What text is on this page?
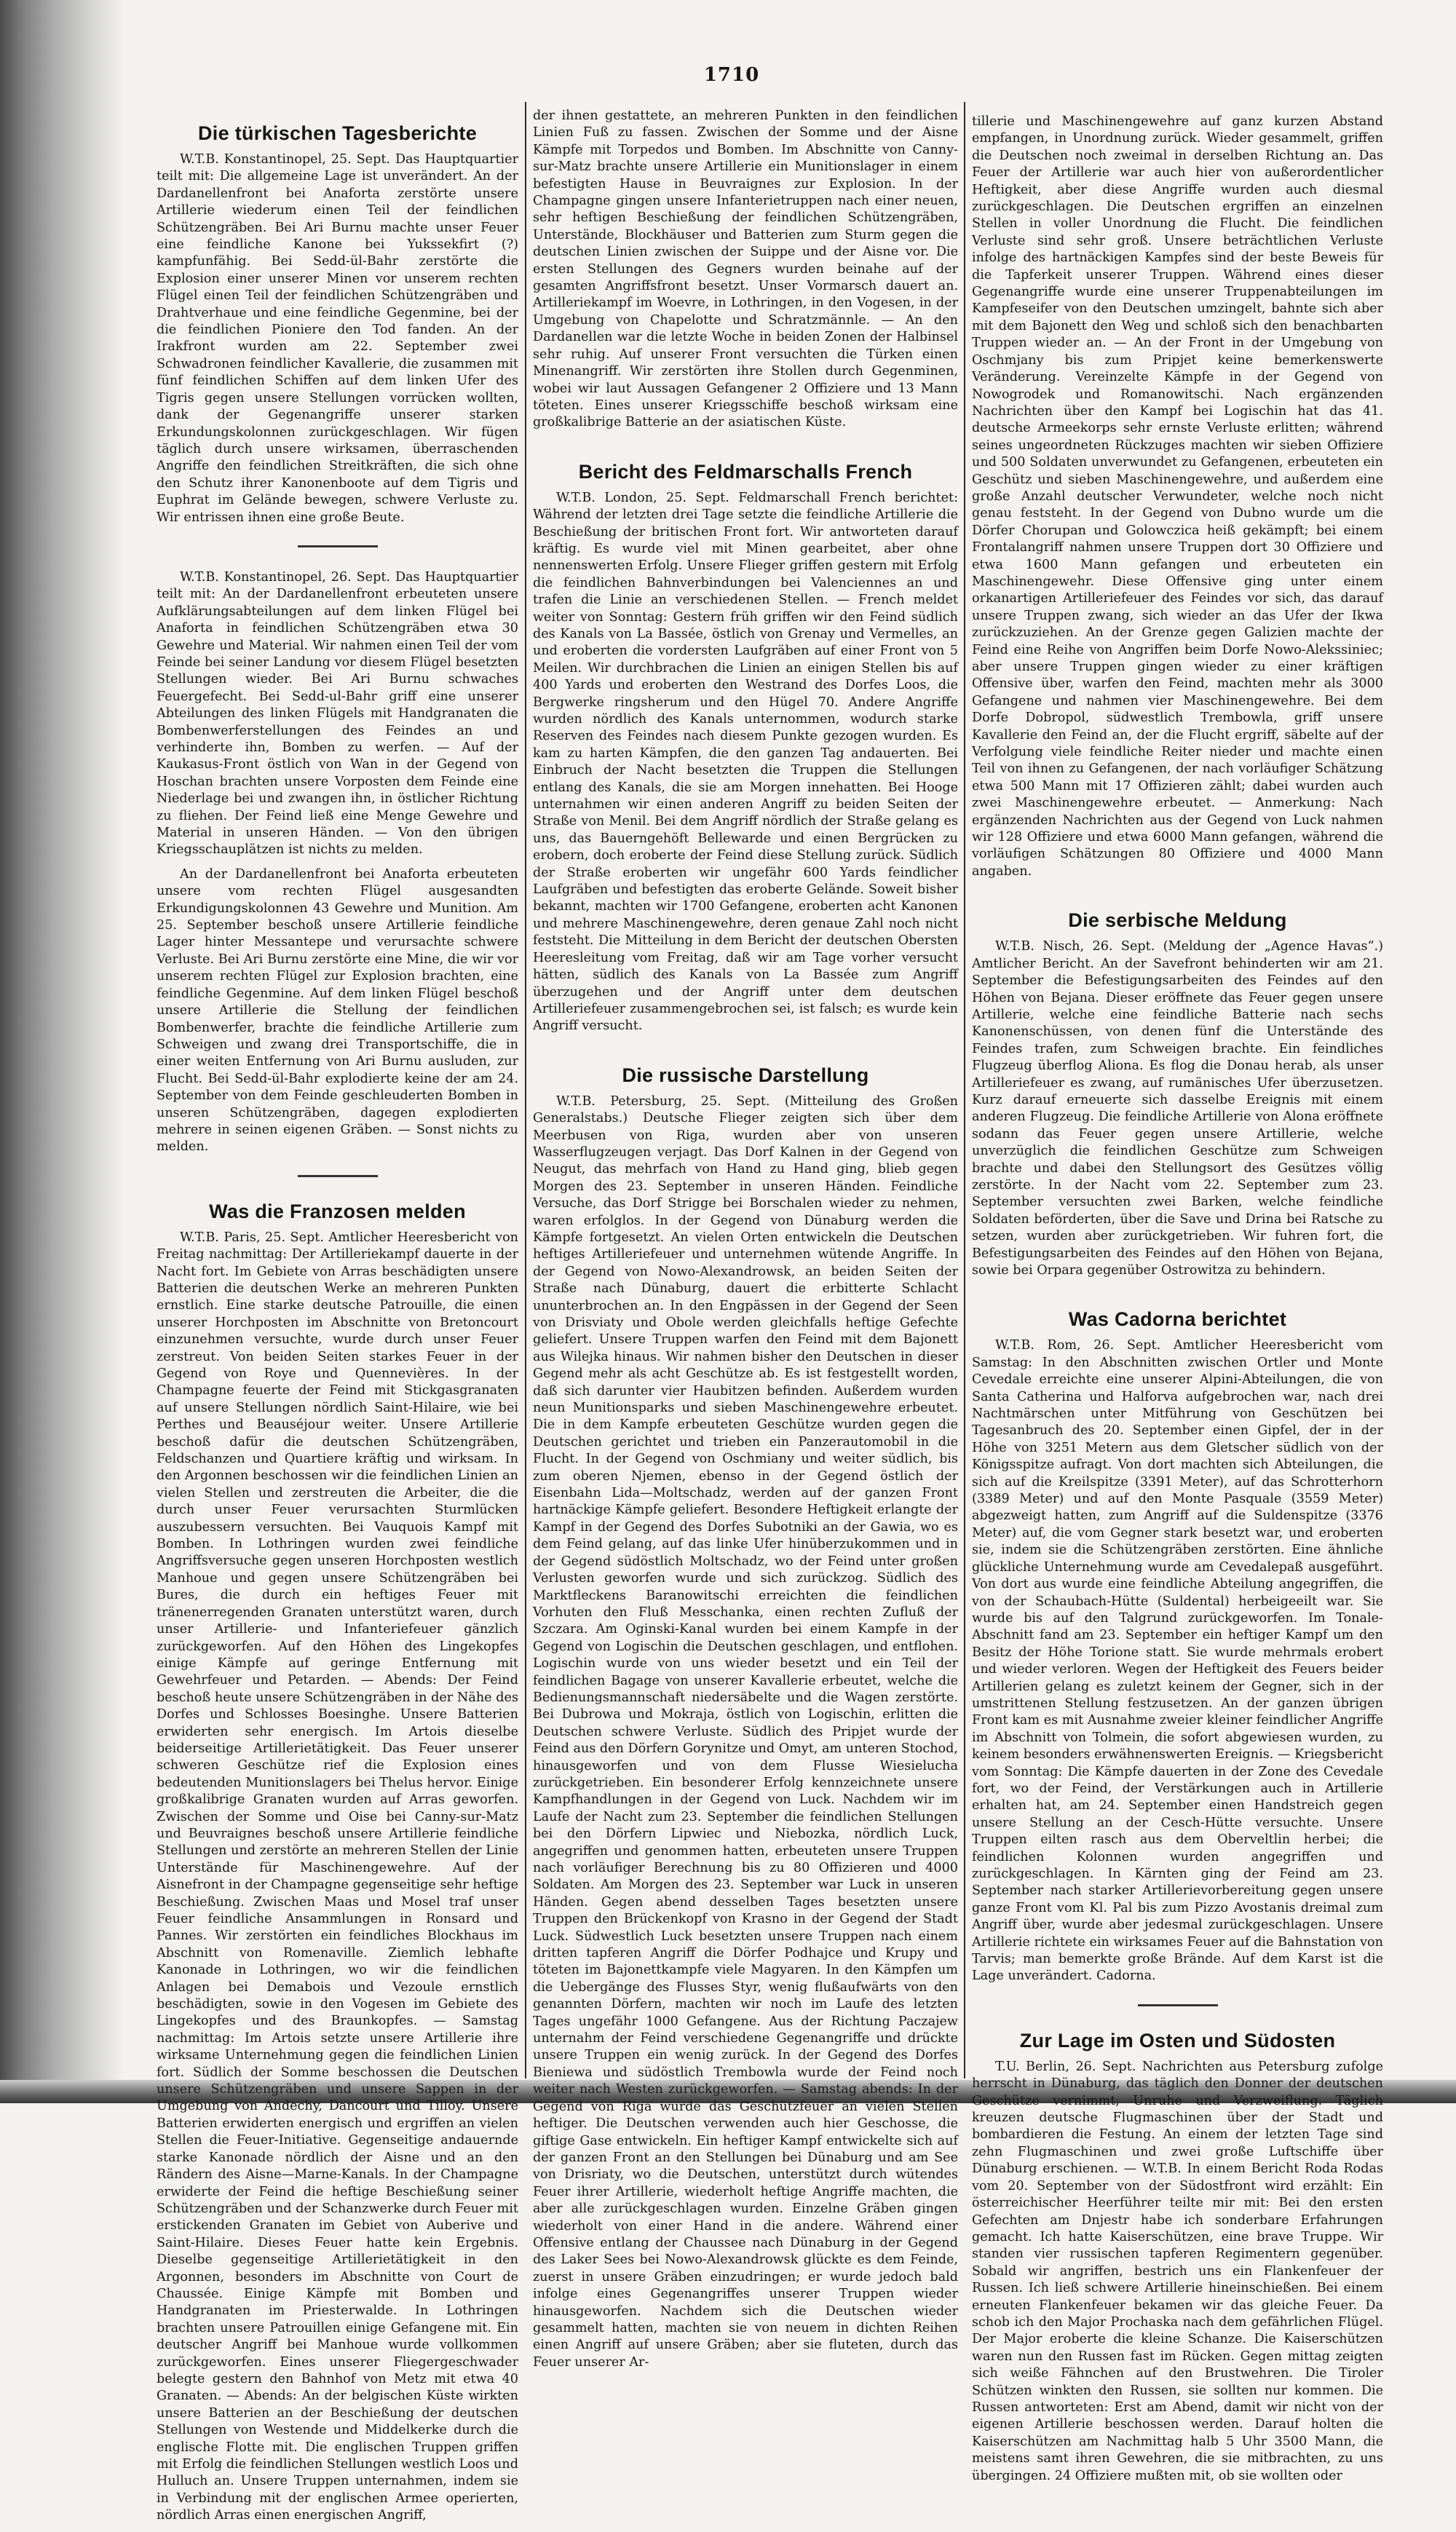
1710
Die türkischen Tagesberichte

W.T.B. Konstantinopel, 25. Sept. Das Hauptquartier teilt mit: Die allgemeine Lage ist unverändert. An der Dardanellenfront bei Anaforta zerstörte unsere Artillerie wiederum einen Teil der feindlichen Schützengräben. Bei Ari Burnu machte unser Feuer eine feindliche Kanone bei Yukssekfirt (?) kampfunfähig. Bei Sedd-ül-Bahr zerstörte die Explosion einer unserer Minen vor unserem rechten Flügel einen Teil der feindlichen Schützengräben und Drahtverhaue und eine feindliche Gegenmine, bei der die feindlichen Pioniere den Tod fanden. An der Irakfront wurden am 22. September zwei Schwadronen feindlicher Kavallerie, die zusammen mit fünf feindlichen Schiffen auf dem linken Ufer des Tigris gegen unsere Stellungen vorrücken wollten, dank der Gegenangriffe unserer starken Erkundungskolonnen zurückgeschlagen. Wir fügen täglich durch unsere wirksamen, überraschenden Angriffe den feindlichen Streitkräften, die sich ohne den Schutz ihrer Kanonenboote auf dem Tigris und Euphrat im Gelände bewegen, schwere Verluste zu. Wir entrissen ihnen eine große Beute.

W.T.B. Konstantinopel, 26. Sept. Das Hauptquartier teilt mit: An der Dardanellenfront erbeuteten unsere Aufklärungsabteilungen auf dem linken Flügel bei Anaforta in feindlichen Schützengräben etwa 30 Gewehre und Material. Wir nahmen einen Teil der vom Feinde bei seiner Landung vor diesem Flügel besetzten Stellungen wieder. Bei Ari Burnu schwaches Feuergefecht. Bei Sedd-ul-Bahr griff eine unserer Abteilungen des linken Flügels mit Handgranaten die Bombenwerferstellungen des Feindes an und verhinderte ihn, Bomben zu werfen. — Auf der Kaukasus-Front östlich von Wan in der Gegend von Hoschan brachten unsere Vorposten dem Feinde eine Niederlage bei und zwangen ihn, in östlicher Richtung zu fliehen. Der Feind ließ eine Menge Gewehre und Material in unseren Händen. — Von den übrigen Kriegsschauplätzen ist nichts zu melden.

An der Dardanellenfront bei Anaforta erbeuteten unsere vom rechten Flügel ausgesandten Erkundigungskolonnen 43 Gewehre und Munition. Am 25. September beschoß unsere Artillerie feindliche Lager hinter Messantepe und verursachte schwere Verluste. Bei Ari Burnu zerstörte eine Mine, die wir vor unserem rechten Flügel zur Explosion brachten, eine feindliche Gegenmine. Auf dem linken Flügel beschoß unsere Artillerie die Stellung der feindlichen Bombenwerfer, brachte die feindliche Artillerie zum Schweigen und zwang drei Transportschiffe, die in einer weiten Entfernung von Ari Burnu ausluden, zur Flucht. Bei Sedd-ül-Bahr explodierte keine der am 24. September von dem Feinde geschleuderten Bomben in unseren Schützengräben, dagegen explodierten mehrere in seinen eigenen Gräben. — Sonst nichts zu melden.

Was die Franzosen melden

W.T.B. Paris, 25. Sept. Amtlicher Heeresbericht von Freitag nachmittag: Der Artilleriekampf dauerte in der Nacht fort. Im Gebiete von Arras beschädigten unsere Batterien die deutschen Werke an mehreren Punkten ernstlich. Eine starke deutsche Patrouille, die einen unserer Horchposten im Abschnitte von Bretoncourt einzunehmen versuchte, wurde durch unser Feuer zerstreut. Von beiden Seiten starkes Feuer in der Gegend von Roye und Quennevières. In der Champagne feuerte der Feind mit Stickgasgranaten auf unsere Stellungen nördlich Saint-Hilaire, wie bei Perthes und Beauséjour weiter. Unsere Artillerie beschoß dafür die deutschen Schützengräben, Feldschanzen und Quartiere kräftig und wirksam. In den Argonnen beschossen wir die feindlichen Linien an vielen Stellen und zerstreuten die Arbeiter, die die durch unser Feuer verursachten Sturmlücken auszubessern versuchten. Bei Vauquois Kampf mit Bomben. In Lothringen wurden zwei feindliche Angriffsversuche gegen unseren Horchposten westlich Manhoue und gegen unsere Schützengräben bei Bures, die durch ein heftiges Feuer mit tränenerregenden Granaten unterstützt waren, durch unser Artillerie- und Infanteriefeuer gänzlich zurückgeworfen. Auf den Höhen des Lingekopfes einige Kämpfe auf geringe Entfernung mit Gewehrfeuer und Petarden. — Abends: Der Feind beschoß heute unsere Schützengräben in der Nähe des Dorfes und Schlosses Boesinghe. Unsere Batterien erwiderten sehr energisch. Im Artois dieselbe beiderseitige Artillerietätigkeit. Das Feuer unserer schweren Geschütze rief die Explosion eines bedeutenden Munitionslagers bei Thelus hervor. Einige großkalibrige Granaten wurden auf Arras geworfen. Zwischen der Somme und Oise bei Canny-sur-Matz und Beuvraignes beschoß unsere Artillerie feindliche Stellungen und zerstörte an mehreren Stellen der Linie Unterstände für Maschinengewehre. Auf der Aisnefront in der Champagne gegenseitige sehr heftige Beschießung. Zwischen Maas und Mosel traf unser Feuer feindliche Ansammlungen in Ronsard und Pannes. Wir zerstörten ein feindliches Blockhaus im Abschnitt von Romenaville. Ziemlich lebhafte Kanonade in Lothringen, wo wir die feindlichen Anlagen bei Demabois und Vezoule ernstlich beschädigten, sowie in den Vogesen im Gebiete des Lingekopfes und des Braunkopfes. — Samstag nachmittag: Im Artois setzte unsere Artillerie ihre wirksame Unternehmung gegen die feindlichen Linien fort. Südlich der Somme beschossen die Deutschen unsere Schützengräben und unsere Sappen in der Umgebung von Andechy, Dancourt und Tilloy. Unsere Batterien erwiderten energisch und ergriffen an vielen Stellen die Feuer-Initiative. Gegenseitige andauernde starke Kanonade nördlich der Aisne und an den Rändern des Aisne—Marne-Kanals. In der Champagne erwiderte der Feind die heftige Beschießung seiner Schützengräben und der Schanzwerke durch Feuer mit erstickenden Granaten im Gebiet von Auberive und Saint-Hilaire. Dieses Feuer hatte kein Ergebnis. Dieselbe gegenseitige Artillerietätigkeit in den Argonnen, besonders im Abschnitte von Court de Chaussée. Einige Kämpfe mit Bomben und Handgranaten im Priesterwalde. In Lothringen brachten unsere Patrouillen einige Gefangene mit. Ein deutscher Angriff bei Manhoue wurde vollkommen zurückgeworfen. Eines unserer Fliegergeschwader belegte gestern den Bahnhof von Metz mit etwa 40 Granaten. — Abends: An der belgischen Küste wirkten unsere Batterien an der Beschießung der deutschen Stellungen von Westende und Middelkerke durch die englische Flotte mit. Die englischen Truppen griffen mit Erfolg die feindlichen Stellungen westlich Loos und Hulluch an. Unsere Truppen unternahmen, indem sie in Verbindung mit der englischen Armee operierten, nördlich Arras einen energischen Angriff,

der ihnen gestattete, an mehreren Punkten in den feindlichen Linien Fuß zu fassen. Zwischen der Somme und der Aisne Kämpfe mit Torpedos und Bomben. Im Abschnitte von Canny-sur-Matz brachte unsere Artillerie ein Munitionslager in einem befestigten Hause in Beuvraignes zur Explosion. In der Champagne gingen unsere Infanterietruppen nach einer neuen, sehr heftigen Beschießung der feindlichen Schützengräben, Unterstände, Blockhäuser und Batterien zum Sturm gegen die deutschen Linien zwischen der Suippe und der Aisne vor. Die ersten Stellungen des Gegners wurden beinahe auf der gesamten Angriffsfront besetzt. Unser Vormarsch dauert an. Artilleriekampf im Woevre, in Lothringen, in den Vogesen, in der Umgebung von Chapelotte und Schratzmännle. — An den Dardanellen war die letzte Woche in beiden Zonen der Halbinsel sehr ruhig. Auf unserer Front versuchten die Türken einen Minenangriff. Wir zerstörten ihre Stollen durch Gegenminen, wobei wir laut Aussagen Gefangener 2 Offiziere und 13 Mann töteten. Eines unserer Kriegsschiffe beschoß wirksam eine großkalibrige Batterie an der asiatischen Küste.

Bericht des Feldmarschalls French

W.T.B. London, 25. Sept. Feldmarschall French berichtet: Während der letzten drei Tage setzte die feindliche Artillerie die Beschießung der britischen Front fort. Wir antworteten darauf kräftig. Es wurde viel mit Minen gearbeitet, aber ohne nennenswerten Erfolg. Unsere Flieger griffen gestern mit Erfolg die feindlichen Bahnverbindungen bei Valenciennes an und trafen die Linie an verschiedenen Stellen. — French meldet weiter von Sonntag: Gestern früh griffen wir den Feind südlich des Kanals von La Bassée, östlich von Grenay und Vermelles, an und eroberten die vordersten Laufgräben auf einer Front von 5 Meilen. Wir durchbrachen die Linien an einigen Stellen bis auf 400 Yards und eroberten den Westrand des Dorfes Loos, die Bergwerke ringsherum und den Hügel 70. Andere Angriffe wurden nördlich des Kanals unternommen, wodurch starke Reserven des Feindes nach diesem Punkte gezogen wurden. Es kam zu harten Kämpfen, die den ganzen Tag andauerten. Bei Einbruch der Nacht besetzten die Truppen die Stellungen entlang des Kanals, die sie am Morgen innehatten. Bei Hooge unternahmen wir einen anderen Angriff zu beiden Seiten der Straße von Menil. Bei dem Angriff nördlich der Straße gelang es uns, das Bauerngehöft Bellewarde und einen Bergrücken zu erobern, doch eroberte der Feind diese Stellung zurück. Südlich der Straße eroberten wir ungefähr 600 Yards feindlicher Laufgräben und befestigten das eroberte Gelände. Soweit bisher bekannt, machten wir 1700 Gefangene, eroberten acht Kanonen und mehrere Maschinengewehre, deren genaue Zahl noch nicht feststeht. Die Mitteilung in dem Bericht der deutschen Obersten Heeresleitung vom Freitag, daß wir am Tage vorher versucht hätten, südlich des Kanals von La Bassée zum Angriff überzugehen und der Angriff unter dem deutschen Artilleriefeuer zusammengebrochen sei, ist falsch; es wurde kein Angriff versucht.

Die russische Darstellung

W.T.B. Petersburg, 25. Sept. (Mitteilung des Großen Generalstabs.) Deutsche Flieger zeigten sich über dem Meerbusen von Riga, wurden aber von unseren Wasserflugzeugen verjagt. Das Dorf Kalnen in der Gegend von Neugut, das mehrfach von Hand zu Hand ging, blieb gegen Morgen des 23. September in unseren Händen. Feindliche Versuche, das Dorf Strigge bei Borschalen wieder zu nehmen, waren erfolglos. In der Gegend von Dünaburg werden die Kämpfe fortgesetzt. An vielen Orten entwickeln die Deutschen heftiges Artilleriefeuer und unternehmen wütende Angriffe. In der Gegend von Nowo-Alexandrowsk, an beiden Seiten der Straße nach Dünaburg, dauert die erbitterte Schlacht ununterbrochen an. In den Engpässen in der Gegend der Seen von Drisviaty und Obole werden gleichfalls heftige Gefechte geliefert. Unsere Truppen warfen den Feind mit dem Bajonett aus Wilejka hinaus. Wir nahmen bisher den Deutschen in dieser Gegend mehr als acht Geschütze ab. Es ist festgestellt worden, daß sich darunter vier Haubitzen befinden. Außerdem wurden neun Munitionsparks und sieben Maschinengewehre erbeutet. Die in dem Kampfe erbeuteten Geschütze wurden gegen die Deutschen gerichtet und trieben ein Panzerautomobil in die Flucht. In der Gegend von Oschmiany und weiter südlich, bis zum oberen Njemen, ebenso in der Gegend östlich der Eisenbahn Lida—Moltschadz, werden auf der ganzen Front hartnäckige Kämpfe geliefert. Besondere Heftigkeit erlangte der Kampf in der Gegend des Dorfes Subotniki an der Gawia, wo es dem Feind gelang, auf das linke Ufer hinüberzukommen und in der Gegend südöstlich Moltschadz, wo der Feind unter großen Verlusten geworfen wurde und sich zurückzog. Südlich des Marktfleckens Baranowitschi erreichten die feindlichen Vorhuten den Fluß Messchanka, einen rechten Zufluß der Szczara. Am Oginski-Kanal wurden bei einem Kampfe in der Gegend von Logischin die Deutschen geschlagen, und entflohen. Logischin wurde von uns wieder besetzt und ein Teil der feindlichen Bagage von unserer Kavallerie erbeutet, welche die Bedienungsmannschaft niedersäbelte und die Wagen zerstörte. Bei Dubrowa und Mokraja, östlich von Logischin, erlitten die Deutschen schwere Verluste. Südlich des Pripjet wurde der Feind aus den Dörfern Gorynitze und Omyt, am unteren Stochod, hinausgeworfen und von dem Flusse Wiesielucha zurückgetrieben. Ein besonderer Erfolg kennzeichnete unsere Kampfhandlungen in der Gegend von Luck. Nachdem wir im Laufe der Nacht zum 23. September die feindlichen Stellungen bei den Dörfern Lipwiec und Niebozka, nördlich Luck, angegriffen und genommen hatten, erbeuteten unsere Truppen nach vorläufiger Berechnung bis zu 80 Offizieren und 4000 Soldaten. Am Morgen des 23. September war Luck in unseren Händen. Gegen abend desselben Tages besetzten unsere Truppen den Brückenkopf von Krasno in der Gegend der Stadt Luck. Südwestlich Luck besetzten unsere Truppen nach einem dritten tapferen Angriff die Dörfer Podhajce und Krupy und töteten im Bajonettkampfe viele Magyaren. In den Kämpfen um die Uebergänge des Flusses Styr, wenig flußaufwärts von den genannten Dörfern, machten wir noch im Laufe des letzten Tages ungefähr 1000 Gefangene. Aus der Richtung Paczajew unternahm der Feind verschiedene Gegenangriffe und drückte unsere Truppen ein wenig zurück. In der Gegend des Dorfes Bieniewa und südöstlich Trembowla wurde der Feind noch weiter nach Westen zurückgeworfen. — Samstag abends: In der Gegend von Riga wurde das Geschützfeuer an vielen Stellen heftiger. Die Deutschen verwenden auch hier Geschosse, die giftige Gase entwickeln. Ein heftiger Kampf entwickelte sich auf der ganzen Front an den Stellungen bei Dünaburg und am See von Drisriaty, wo die Deutschen, unterstützt durch wütendes Feuer ihrer Artillerie, wiederholt heftige Angriffe machten, die aber alle zurückgeschlagen wurden. Einzelne Gräben gingen wiederholt von einer Hand in die andere. Während einer Offensive entlang der Chaussee nach Dünaburg in der Gegend des Laker Sees bei Nowo-Alexandrowsk glückte es dem Feinde, zuerst in unsere Gräben einzudringen; er wurde jedoch bald infolge eines Gegenangriffes unserer Truppen wieder hinausgeworfen. Nachdem sich die Deutschen wieder gesammelt hatten, machten sie von neuem in dichten Reihen einen Angriff auf unsere Gräben; aber sie fluteten, durch das Feuer unserer Ar-

tillerie und Maschinengewehre auf ganz kurzen Abstand empfangen, in Unordnung zurück. Wieder gesammelt, griffen die Deutschen noch zweimal in derselben Richtung an. Das Feuer der Artillerie war auch hier von außerordentlicher Heftigkeit, aber diese Angriffe wurden auch diesmal zurückgeschlagen. Die Deutschen ergriffen an einzelnen Stellen in voller Unordnung die Flucht. Die feindlichen Verluste sind sehr groß. Unsere beträchtlichen Verluste infolge des hartnäckigen Kampfes sind der beste Beweis für die Tapferkeit unserer Truppen. Während eines dieser Gegenangriffe wurde eine unserer Truppenabteilungen im Kampfeseifer von den Deutschen umzingelt, bahnte sich aber mit dem Bajonett den Weg und schloß sich den benachbarten Truppen wieder an. — An der Front in der Umgebung von Oschmjany bis zum Pripjet keine bemerkenswerte Veränderung. Vereinzelte Kämpfe in der Gegend von Nowogrodek und Romanowitschi. Nach ergänzenden Nachrichten über den Kampf bei Logischin hat das 41. deutsche Armeekorps sehr ernste Verluste erlitten; während seines ungeordneten Rückzuges machten wir sieben Offiziere und 500 Soldaten unverwundet zu Gefangenen, erbeuteten ein Geschütz und sieben Maschinengewehre, und außerdem eine große Anzahl deutscher Verwundeter, welche noch nicht genau feststeht. In der Gegend von Dubno wurde um die Dörfer Chorupan und Golowczica heiß gekämpft; bei einem Frontalangriff nahmen unsere Truppen dort 30 Offiziere und etwa 1600 Mann gefangen und erbeuteten ein Maschinengewehr. Diese Offensive ging unter einem orkanartigen Artilleriefeuer des Feindes vor sich, das darauf unsere Truppen zwang, sich wieder an das Ufer der Ikwa zurückzuziehen. An der Grenze gegen Galizien machte der Feind eine Reihe von Angriffen beim Dorfe Nowo-Alekssiniec; aber unsere Truppen gingen wieder zu einer kräftigen Offensive über, warfen den Feind, machten mehr als 3000 Gefangene und nahmen vier Maschinengewehre. Bei dem Dorfe Dobropol, südwestlich Trembowla, griff unsere Kavallerie den Feind an, der die Flucht ergriff, säbelte auf der Verfolgung viele feindliche Reiter nieder und machte einen Teil von ihnen zu Gefangenen, der nach vorläufiger Schätzung etwa 500 Mann mit 17 Offizieren zählt; dabei wurden auch zwei Maschinengewehre erbeutet. — Anmerkung: Nach ergänzenden Nachrichten aus der Gegend von Luck nahmen wir 128 Offiziere und etwa 6000 Mann gefangen, während die vorläufigen Schätzungen 80 Offiziere und 4000 Mann angaben.

Die serbische Meldung

W.T.B. Nisch, 26. Sept. (Meldung der „Agence Havas“.) Amtlicher Bericht. An der Savefront behinderten wir am 21. September die Befestigungsarbeiten des Feindes auf den Höhen von Bejana. Dieser eröffnete das Feuer gegen unsere Artillerie, welche eine feindliche Batterie nach sechs Kanonenschüssen, von denen fünf die Unterstände des Feindes trafen, zum Schweigen brachte. Ein feindliches Flugzeug überflog Aliona. Es flog die Donau herab, als unser Artilleriefeuer es zwang, auf rumänisches Ufer überzusetzen. Kurz darauf erneuerte sich dasselbe Ereignis mit einem anderen Flugzeug. Die feindliche Artillerie von Alona eröffnete sodann das Feuer gegen unsere Artillerie, welche unverzüglich die feindlichen Geschütze zum Schweigen brachte und dabei den Stellungsort des Gesützes völlig zerstörte. In der Nacht vom 22. September zum 23. September versuchten zwei Barken, welche feindliche Soldaten beförderten, über die Save und Drina bei Ratsche zu setzen, wurden aber zurückgetrieben. Wir fuhren fort, die Befestigungsarbeiten des Feindes auf den Höhen von Bejana, sowie bei Orpara gegenüber Ostrowitza zu behindern.

Was Cadorna berichtet

W.T.B. Rom, 26. Sept. Amtlicher Heeresbericht vom Samstag: In den Abschnitten zwischen Ortler und Monte Cevedale erreichte eine unserer Alpini-Abteilungen, die von Santa Catherina und Halforva aufgebrochen war, nach drei Nachtmärschen unter Mitführung von Geschützen bei Tagesanbruch des 20. September einen Gipfel, der in der Höhe von 3251 Metern aus dem Gletscher südlich von der Königsspitze aufragt. Von dort machten sich Abteilungen, die sich auf die Kreilspitze (3391 Meter), auf das Schrotterhorn (3389 Meter) und auf den Monte Pasquale (3559 Meter) abgezweigt hatten, zum Angriff auf die Suldenspitze (3376 Meter) auf, die vom Gegner stark besetzt war, und eroberten sie, indem sie die Schützengräben zerstörten. Eine ähnliche glückliche Unternehmung wurde am Cevedalepaß ausgeführt. Von dort aus wurde eine feindliche Abteilung angegriffen, die von der Schaubach-Hütte (Suldental) herbeigeeilt war. Sie wurde bis auf den Talgrund zurückgeworfen. Im Tonale-Abschnitt fand am 23. September ein heftiger Kampf um den Besitz der Höhe Torione statt. Sie wurde mehrmals erobert und wieder verloren. Wegen der Heftigkeit des Feuers beider Artillerien gelang es zuletzt keinem der Gegner, sich in der umstrittenen Stellung festzusetzen. An der ganzen übrigen Front kam es mit Ausnahme zweier kleiner feindlicher Angriffe im Abschnitt von Tolmein, die sofort abgewiesen wurden, zu keinem besonders erwähnenswerten Ereignis. — Kriegsbericht vom Sonntag: Die Kämpfe dauerten in der Zone des Cevedale fort, wo der Feind, der Verstärkungen auch in Artillerie erhalten hat, am 24. September einen Handstreich gegen unsere Stellung an der Cesch-Hütte versuchte. Unsere Truppen eilten rasch aus dem Oberveltlin herbei; die feindlichen Kolonnen wurden angegriffen und zurückgeschlagen. In Kärnten ging der Feind am 23. September nach starker Artillerievorbereitung gegen unsere ganze Front vom Kl. Pal bis zum Pizzo Avostanis dreimal zum Angriff über, wurde aber jedesmal zurückgeschlagen. Unsere Artillerie richtete ein wirksames Feuer auf die Bahnstation von Tarvis; man bemerkte große Brände. Auf dem Karst ist die Lage unverändert. Cadorna.

Zur Lage im Osten und Südosten

T.U. Berlin, 26. Sept. Nachrichten aus Petersburg zufolge herrscht in Dünaburg, das täglich den Donner der deutschen Geschütze vernimmt, Unruhe und Verzweiflung. Täglich kreuzen deutsche Flugmaschinen über der Stadt und bombardieren die Festung. An einem der letzten Tage sind zehn Flugmaschinen und zwei große Luftschiffe über Dünaburg erschienen. — W.T.B. In einem Bericht Roda Rodas vom 20. September von der Südostfront wird erzählt: Ein österreichischer Heerführer teilte mir mit: Bei den ersten Gefechten am Dnjestr habe ich sonderbare Erfahrungen gemacht. Ich hatte Kaiserschützen, eine brave Truppe. Wir standen vier russischen tapferen Regimentern gegenüber. Sobald wir angriffen, bestrich uns ein Flankenfeuer der Russen. Ich ließ schwere Artillerie hineinschießen. Bei einem erneuten Flankenfeuer bekamen wir das gleiche Feuer. Da schob ich den Major Prochaska nach dem gefährlichen Flügel. Der Major eroberte die kleine Schanze. Die Kaiserschützen waren nun den Russen fast im Rücken. Gegen mittag zeigten sich weiße Fähnchen auf den Brustwehren. Die Tiroler Schützen winkten den Russen, sie sollten nur kommen. Die Russen antworteten: Erst am Abend, damit wir nicht von der eigenen Artillerie beschossen werden. Darauf holten die Kaiserschützen am Nachmittag halb 5 Uhr 3500 Mann, die meistens samt ihren Gewehren, die sie mitbrachten, zu uns übergingen. 24 Offiziere mußten mit, ob sie wollten oder
